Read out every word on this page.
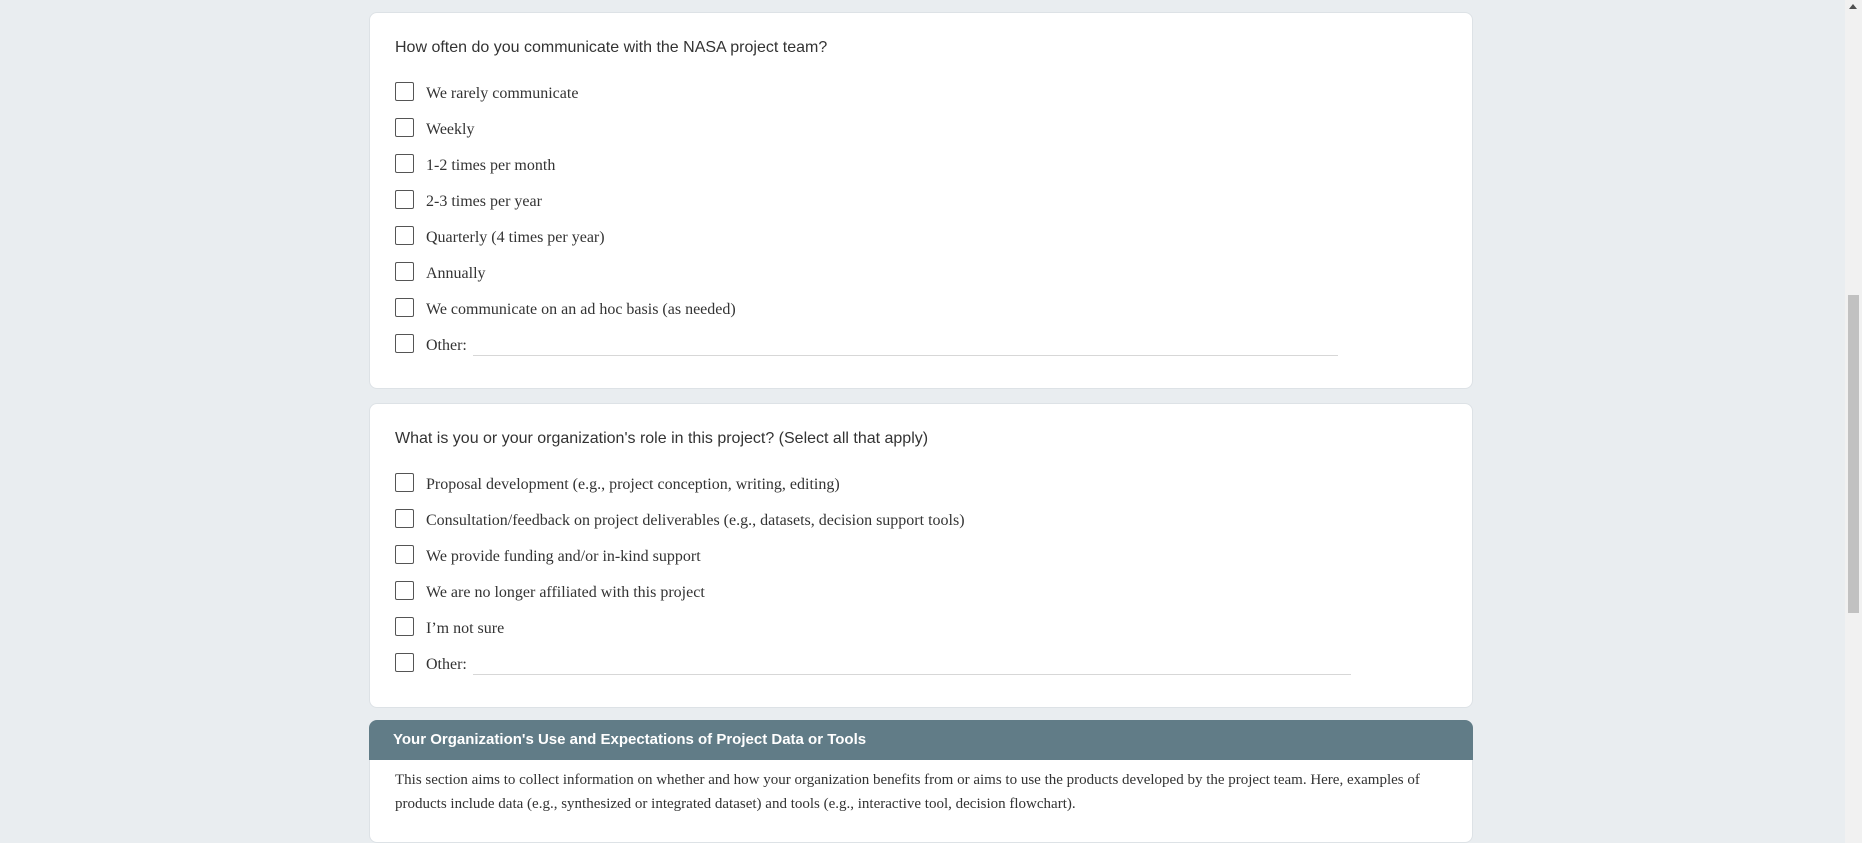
How often do you communicate with the NASA project team?
We rarely communicate
Weekly
1-2 times per month
2-3 times per year
Quarterly (4 times per year)
Annually
We communicate on an ad hoc basis (as needed)
Other:
What is you or your organization's role in this project? (Select all that apply)
Proposal development (e.g., project conception, writing, editing)
Consultation/feedback on project deliverables (e.g., datasets, decision support tools)
We provide funding and/or in-kind support
We are no longer affiliated with this project
I’m not sure
Other:
Your Organization's Use and Expectations of Project Data or Tools
This section aims to collect information on whether and how your organization benefits from or aims to use the products developed by the project team. Here, examples of products include data (e.g., synthesized or integrated dataset) and tools (e.g., interactive tool, decision flowchart).
